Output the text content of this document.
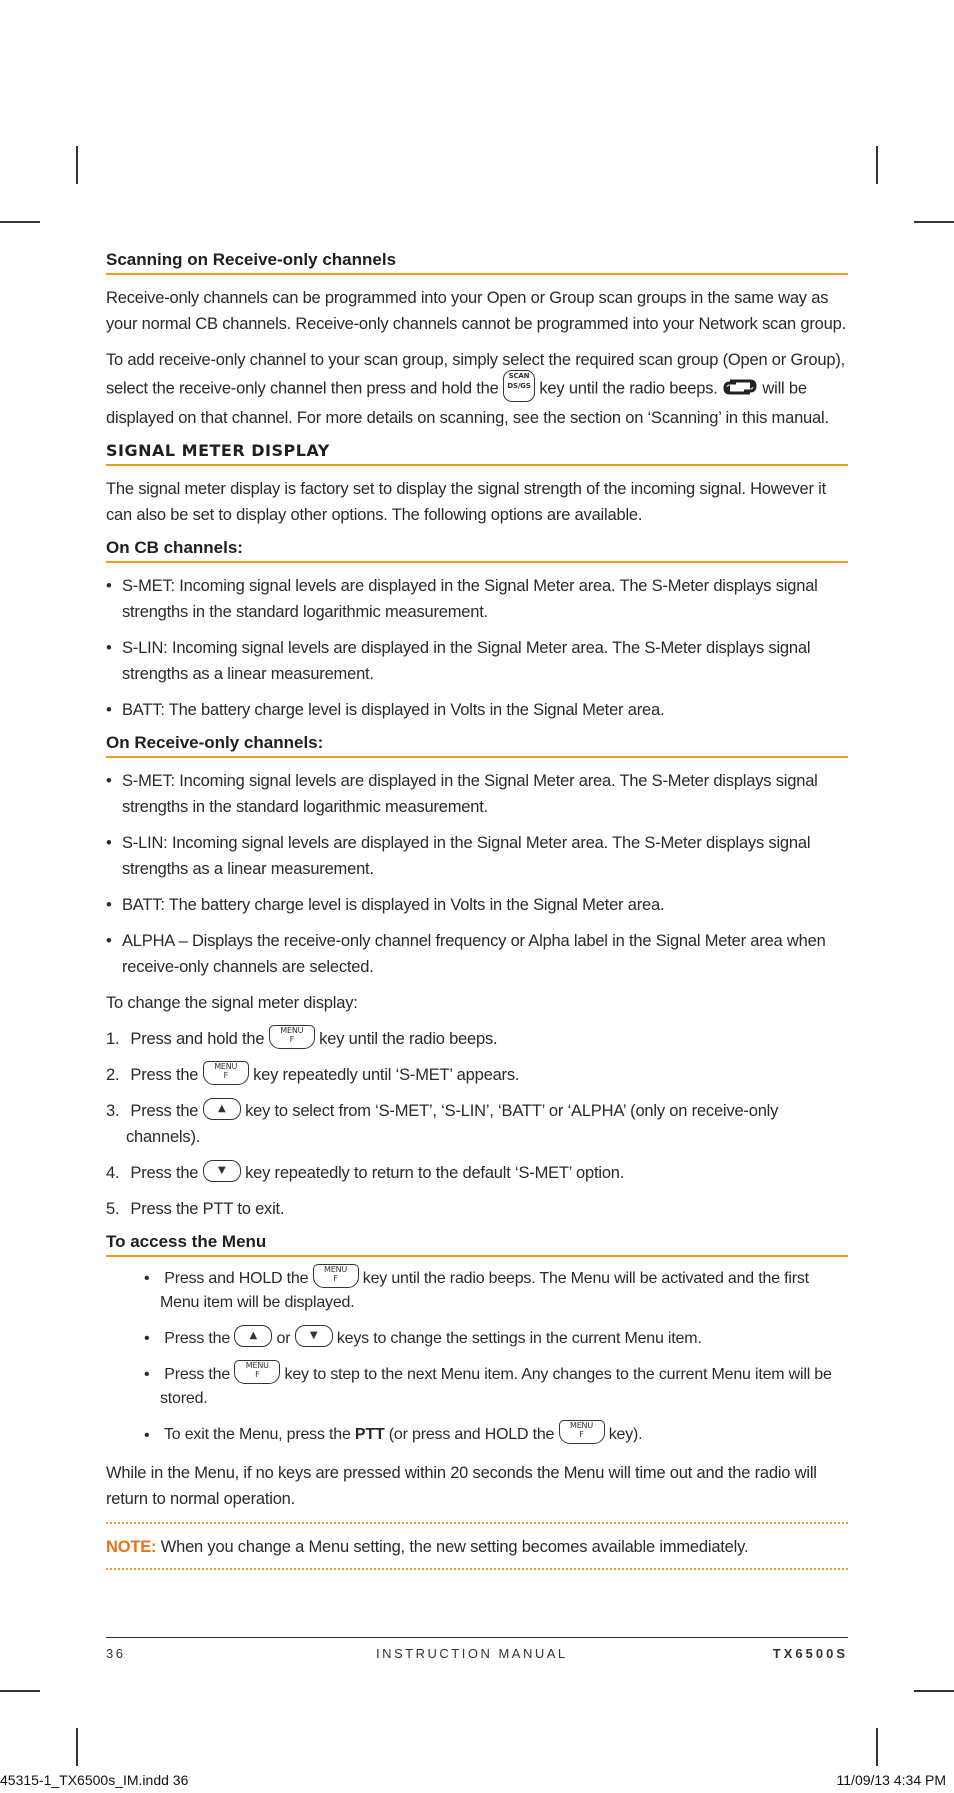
Scanning on Receive-only channels

Receive-only channels can be programmed into your Open or Group scan groups in the same way as your normal CB channels. Receive-only channels cannot be programmed into your Network scan group.

To add receive-only channel to your scan group, simply select the required scan group (Open or Group), select the receive-only channel then press and hold the
SCAN
DS/GS key until the radio beeps.	will be displayed on that channel. For more details on scanning, see the section on ‘Scanning’ in this manual.

SIGNAL METER DISPLAY

The signal meter display is factory set to display the signal strength of the incoming signal. However it can also be set to display other options. The following options are available.

On CB channels:
• S-MET: Incoming signal levels are displayed in the Signal Meter area. The S-Meter displays signal strengths in the standard logarithmic measurement.
• S-LIN: Incoming signal levels are displayed in the Signal Meter area. The S-Meter displays signal strengths as a linear measurement.
• BATT: The battery charge level is displayed in Volts in the Signal Meter area.
On Receive-only channels:
• S-MET: Incoming signal levels are displayed in the Signal Meter area. The S-Meter displays signal strengths in the standard logarithmic measurement.
• S-LIN: Incoming signal levels are displayed in the Signal Meter area. The S-Meter displays signal strengths as a linear measurement.
• BATT: The battery charge level is displayed in Volts in the Signal Meter area.
• ALPHA – Displays the receive-only channel frequency or Alpha label in the Signal Meter area when receive-only channels are selected.

To change the signal meter display:

1. Press and hold the	MENU
F	key until the radio beeps.
2. Press the	MENU
F	key repeatedly until ‘S-MET’ appears.
3. Press the ▲ key to select from ‘S-MET’, ‘S-LIN’, ‘BATT’ or ‘ALPHA’ (only on receive-only channels).
4. Press the ▼ key repeatedly to return to the default ‘S-MET’ option.
5. Press the PTT to exit.
To access the Menu
• Press and HOLD the
MENU
F	key until the radio beeps. The Menu will be activated and the first Menu item will be displayed.
• Press the ▲ or ▼ keys to change the settings in the current Menu item.
• Press the
MENU
F	key to step to the next Menu item. Any changes to the current Menu item will be stored.
• To exit the Menu, press the PTT (or press and HOLD the
MENU
F	key).

While in the Menu, if no keys are pressed within 20 seconds the Menu will time out and the radio will return to normal operation.

NOTE: When you change a Menu setting, the new setting becomes available immediately.

36	INSTRUCTION MANUAL	TX6500S
45315-1_TX6500s_IM.indd 36	11/09/13 4:34 PM
